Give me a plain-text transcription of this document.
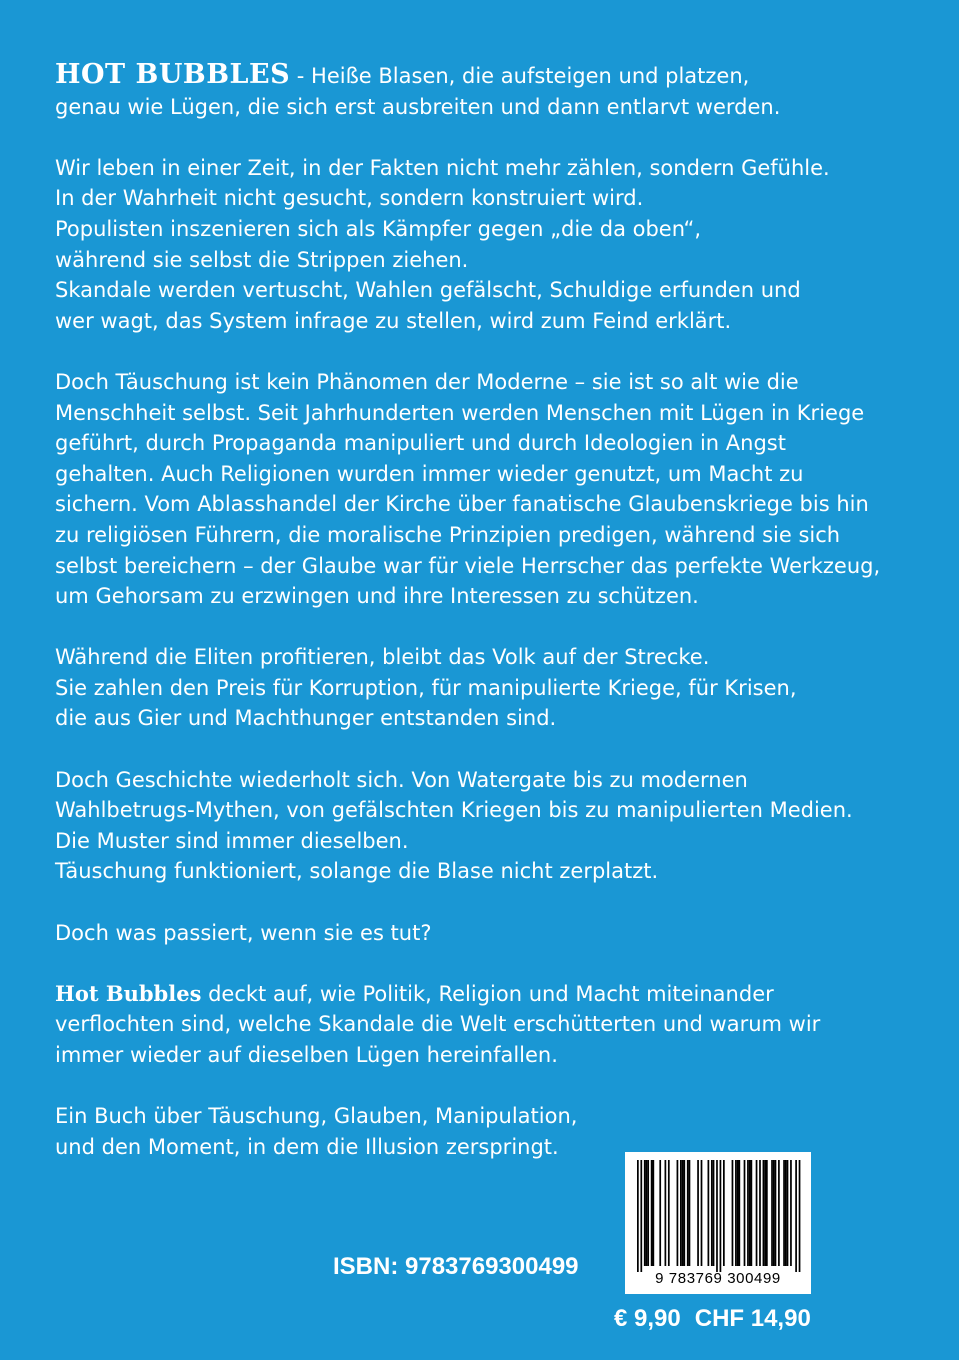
HOT BUBBLES - Heiße Blasen, die aufsteigen und platzen,
genau wie Lügen, die sich erst ausbreiten und dann entlarvt werden.
Wir leben in einer Zeit, in der Fakten nicht mehr zählen, sondern Gefühle.
In der Wahrheit nicht gesucht, sondern konstruiert wird.
Populisten inszenieren sich als Kämpfer gegen „die da oben“,
während sie selbst die Strippen ziehen.
Skandale werden vertuscht, Wahlen gefälscht, Schuldige erfunden und
wer wagt, das System infrage zu stellen, wird zum Feind erklärt.
Doch Täuschung ist kein Phänomen der Moderne – sie ist so alt wie die
Menschheit selbst. Seit Jahrhunderten werden Menschen mit Lügen in Kriege
geführt, durch Propaganda manipuliert und durch Ideologien in Angst
gehalten. Auch Religionen wurden immer wieder genutzt, um Macht zu
sichern. Vom Ablasshandel der Kirche über fanatische Glaubenskriege bis hin
zu religiösen Führern, die moralische Prinzipien predigen, während sie sich
selbst bereichern – der Glaube war für viele Herrscher das perfekte Werkzeug,
um Gehorsam zu erzwingen und ihre Interessen zu schützen.
Während die Eliten profitieren, bleibt das Volk auf der Strecke.
Sie zahlen den Preis für Korruption, für manipulierte Kriege, für Krisen,
die aus Gier und Machthunger entstanden sind.
Doch Geschichte wiederholt sich. Von Watergate bis zu modernen
Wahlbetrugs-Mythen, von gefälschten Kriegen bis zu manipulierten Medien.
Die Muster sind immer dieselben.
Täuschung funktioniert, solange die Blase nicht zerplatzt.
Doch was passiert, wenn sie es tut?
Hot Bubbles deckt auf, wie Politik, Religion und Macht miteinander
verflochten sind, welche Skandale die Welt erschütterten und warum wir
immer wieder auf dieselben Lügen hereinfallen.
Ein Buch über Täuschung, Glauben, Manipulation,
und den Moment, in dem die Illusion zerspringt.
ISBN: 9783769300499	9 783769 300499
€ 9,90 CHF 14,90
